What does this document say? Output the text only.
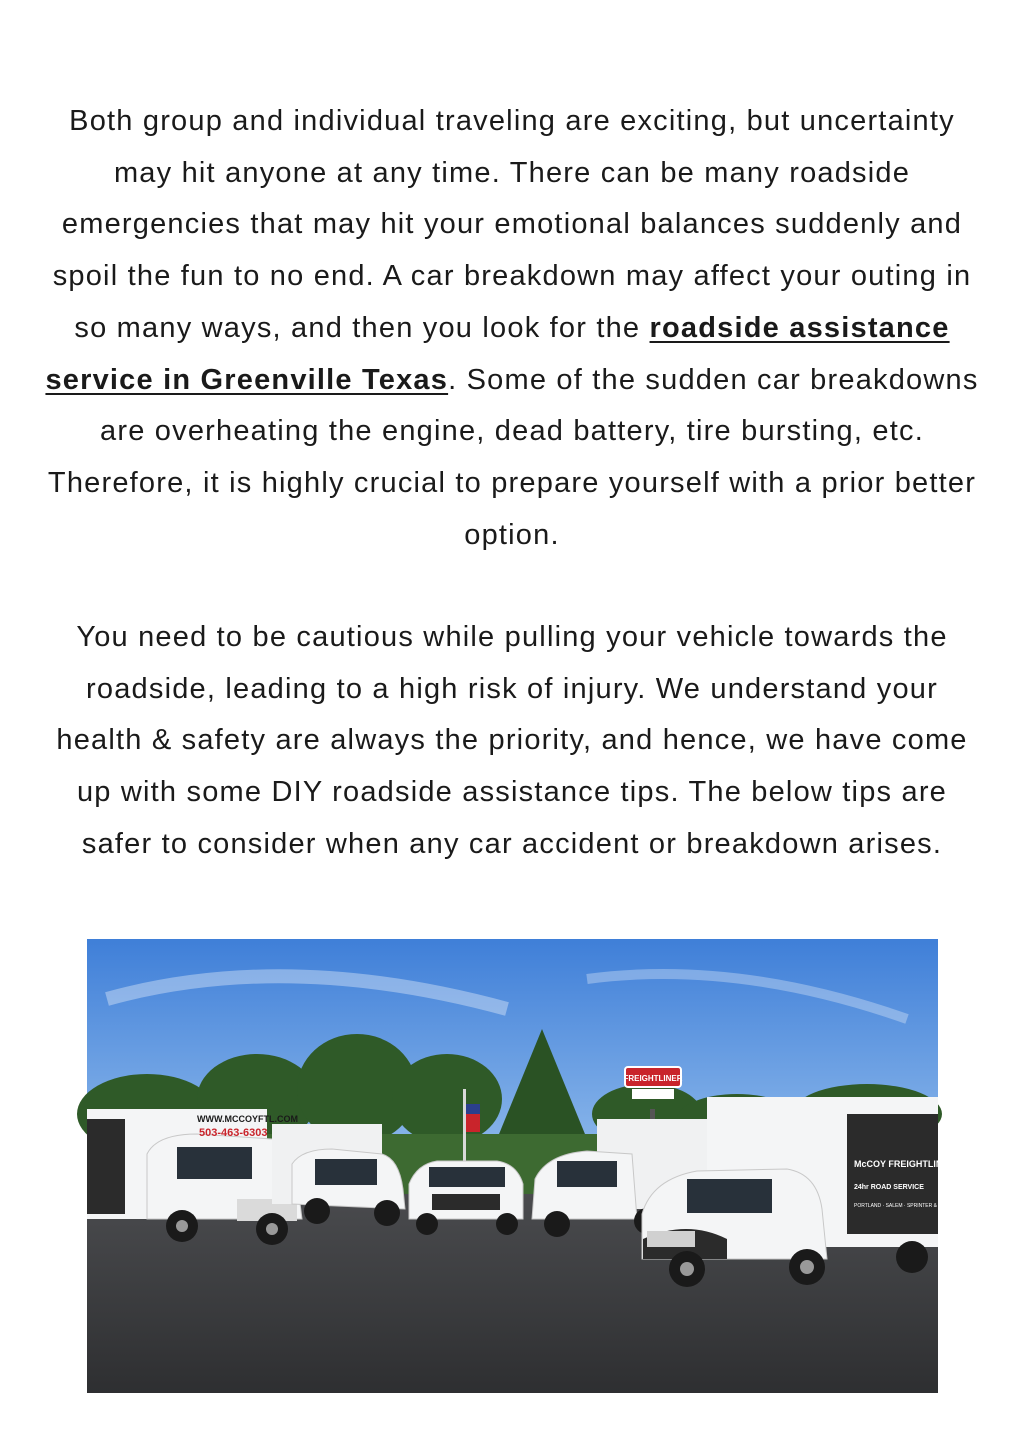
Both group and individual traveling are exciting, but uncertainty may hit anyone at any time. There can be many roadside emergencies that may hit your emotional balances suddenly and spoil the fun to no end. A car breakdown may affect your outing in so many ways, and then you look for the roadside assistance service in Greenville Texas. Some of the sudden car breakdowns are overheating the engine, dead battery, tire bursting, etc. Therefore, it is highly crucial to prepare yourself with a prior better option.

You need to be cautious while pulling your vehicle towards the roadside, leading to a high risk of injury. We understand your health & safety are always the priority, and hence, we have come up with some DIY roadside assistance tips. The below tips are safer to consider when any car accident or breakdown arises.

FREIGHTLINER
WWW.MCCOYFTL.COM
503-463-6303
McCOY FREIGHTLINER
24hr ROAD SERVICE
PORTLAND · SALEM · SPRINTER & RV CENTER
